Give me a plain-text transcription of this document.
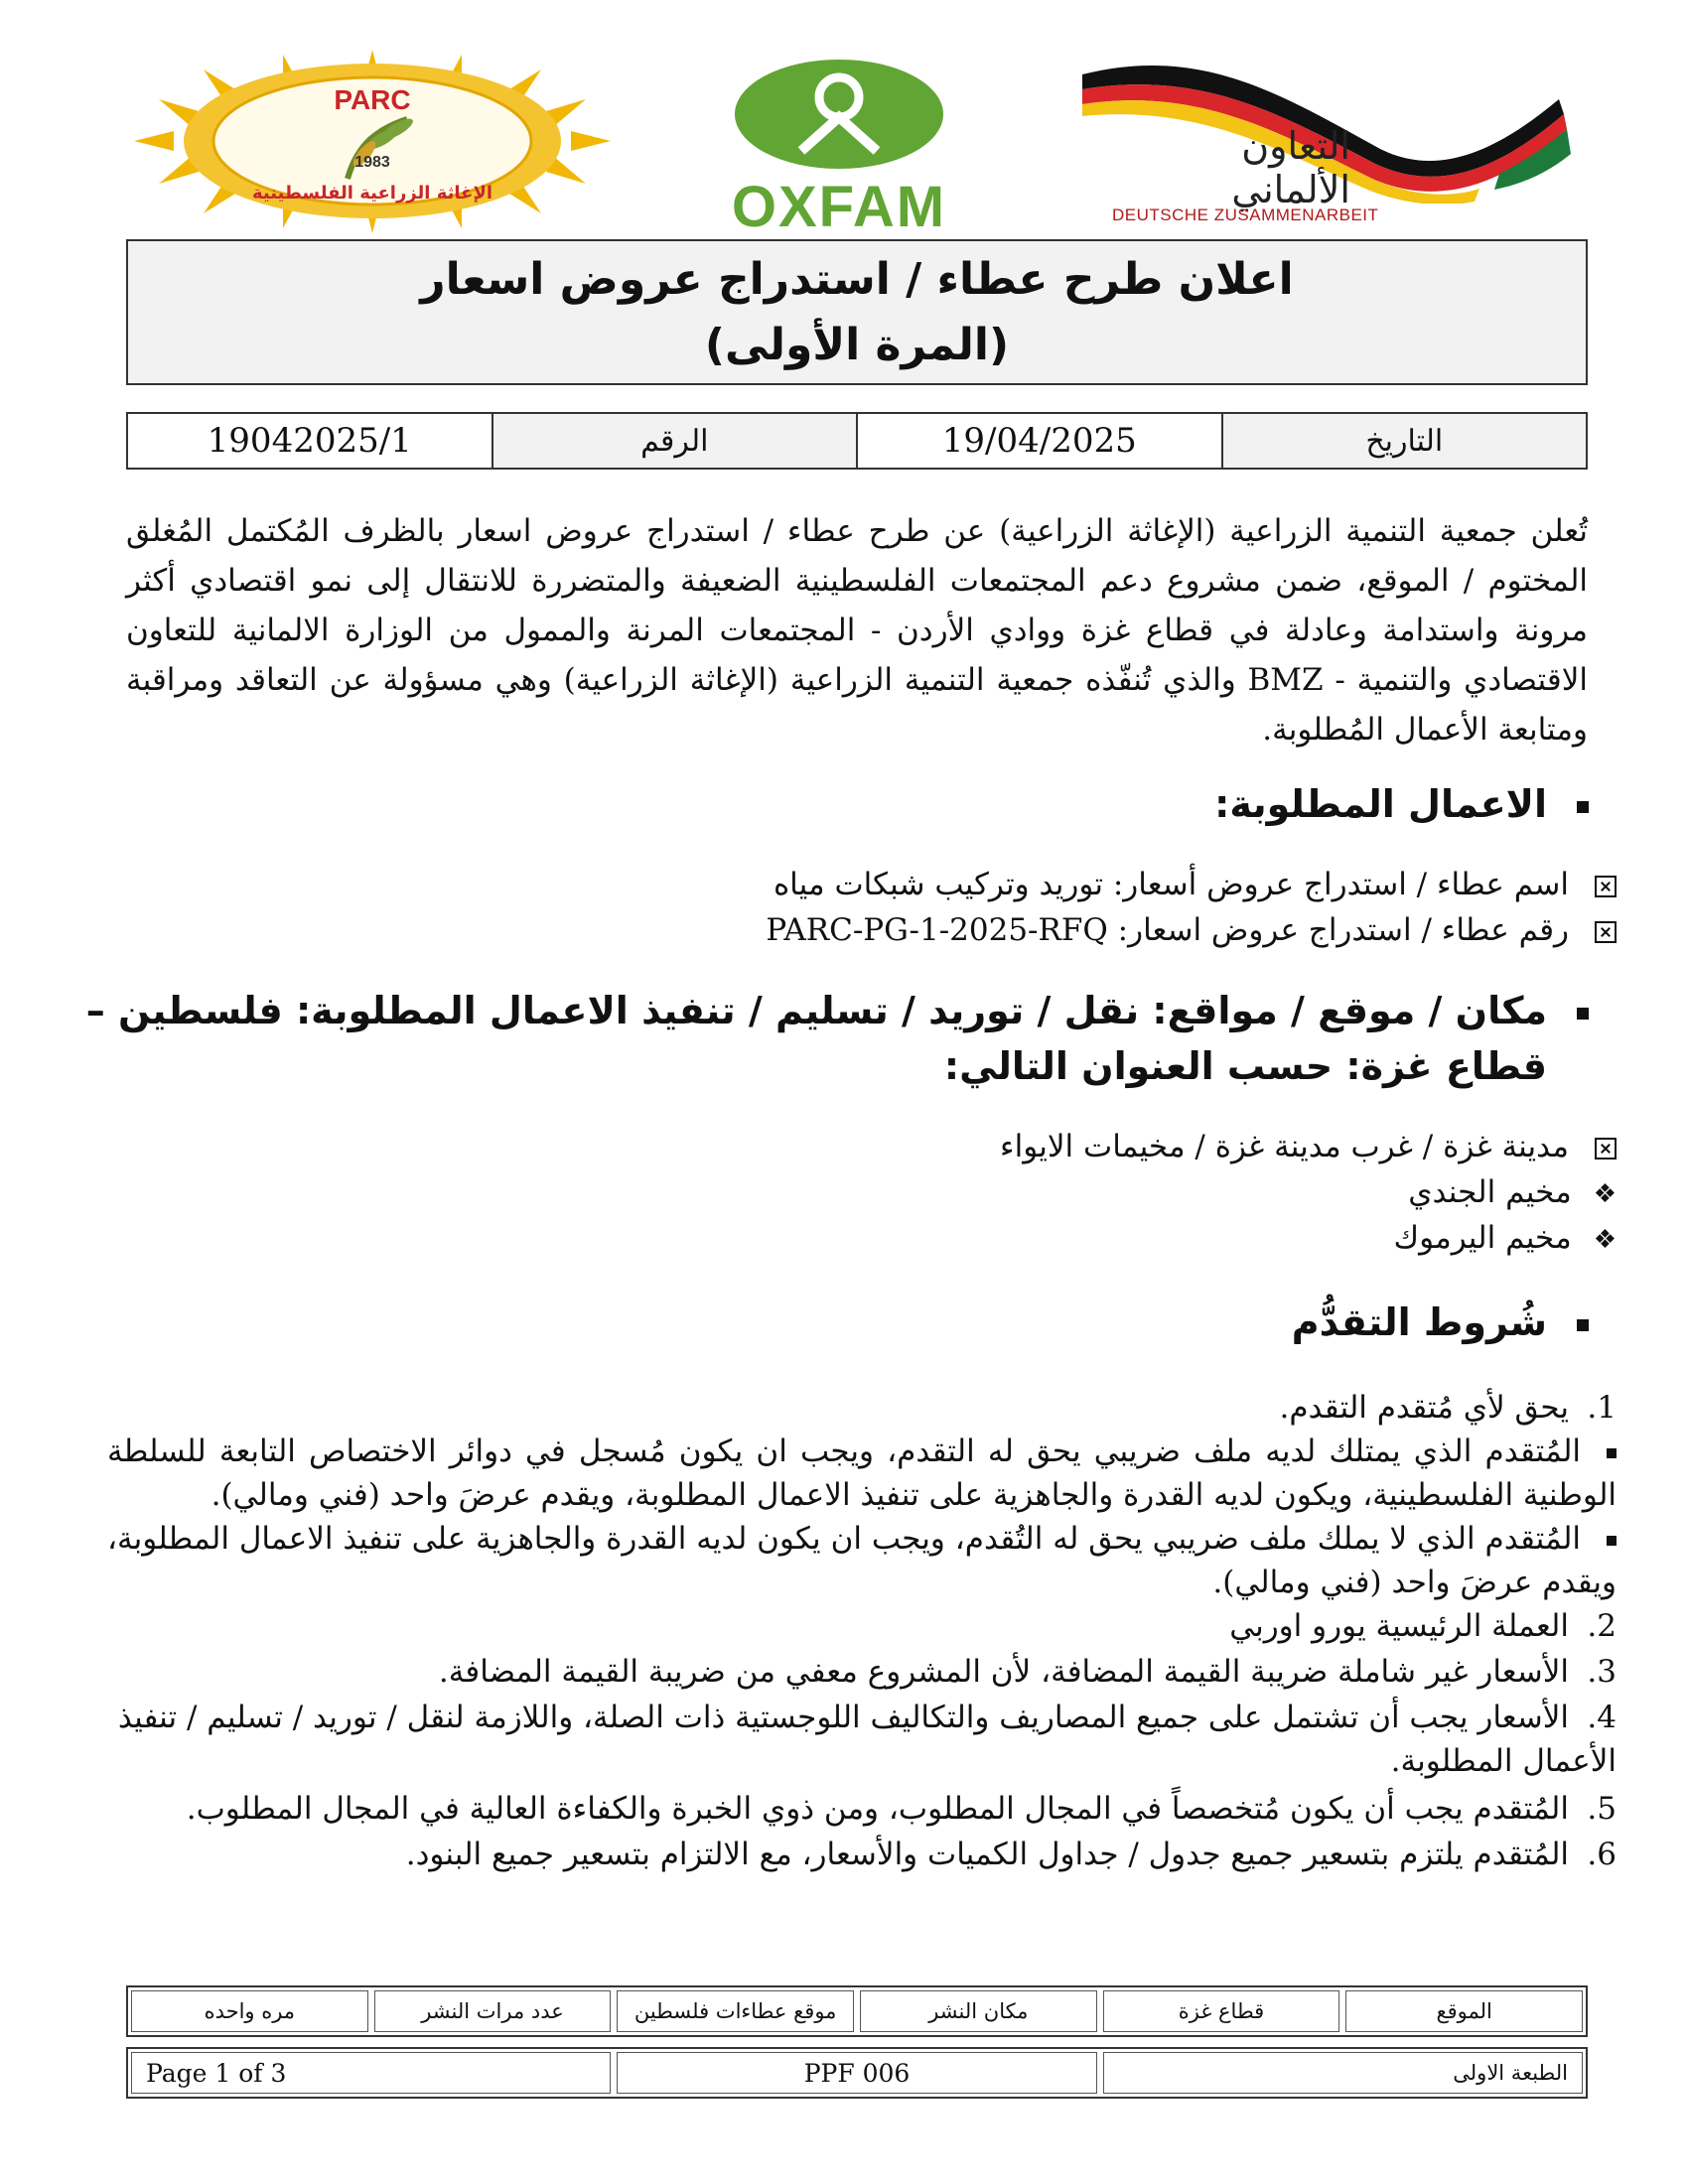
PARC
1983
الإغاثة الزراعية الفلسطينية	OXFAM
التعاون
الألماني
DEUTSCHE ZUSAMMENARBEIT
اعلان طرح عطاء / استدراج عروض اسعار
(المرة الأولى)
التاريخ
19/04/2025
الرقم
19042025/1
تُعلن جمعية التنمية الزراعية (الإغاثة الزراعية) عن طرح عطاء / استدراج عروض اسعار بالظرف المُكتمل المُغلق المختوم / الموقع، ضمن مشروع دعم المجتمعات الفلسطينية الضعيفة والمتضررة للانتقال إلى نمو اقتصادي أكثر مرونة واستدامة وعادلة في قطاع غزة ووادي الأردن - المجتمعات المرنة والممول من الوزارة الالمانية للتعاون الاقتصادي والتنمية - BMZ والذي تُنفّذه جمعية التنمية الزراعية (الإغاثة الزراعية) وهي مسؤولة عن التعاقد ومراقبة ومتابعة الأعمال المُطلوبة.
الاعمال المطلوبة:
اسم عطاء / استدراج عروض أسعار: توريد وتركيب شبكات مياه
رقم عطاء / استدراج عروض اسعار: PARC-PG-1-2025-RFQ
مكان / موقع / مواقع: نقل / توريد / تسليم / تنفيذ الاعمال المطلوبة: فلسطين –
قطاع غزة: حسب العنوان التالي:
مدينة غزة / غرب مدينة غزة / مخيمات الايواء
❖مخيم الجندي
❖مخيم اليرموك
شُروط التقدُّم
1.يحق لأي مُتقدم التقدم.
المُتقدم الذي يمتلك لديه ملف ضريبي يحق له التقدم، ويجب ان يكون مُسجل في دوائر الاختصاص التابعة للسلطة الوطنية الفلسطينية، ويكون لديه القدرة والجاهزية على تنفيذ الاعمال المطلوبة، ويقدم عرضَ واحد (فني ومالي).
المُتقدم الذي لا يملك ملف ضريبي يحق له التُقدم، ويجب ان يكون لديه القدرة والجاهزية على تنفيذ الاعمال المطلوبة، ويقدم عرضَ واحد (فني ومالي).
2.العملة الرئيسية يورو اوربي
3.الأسعار غير شاملة ضريبة القيمة المضافة، لأن المشروع معفي من ضريبة القيمة المضافة.
4.الأسعار يجب أن تشتمل على جميع المصاريف والتكاليف اللوجستية ذات الصلة، واللازمة لنقل / توريد / تسليم / تنفيذ الأعمال المطلوبة.
5.المُتقدم يجب أن يكون مُتخصصاً في المجال المطلوب، ومن ذوي الخبرة والكفاءة العالية في المجال المطلوب.
6.المُتقدم يلتزم بتسعير جميع جدول / جداول الكميات والأسعار، مع الالتزام بتسعير جميع البنود.
الموقع
قطاع غزة
مكان النشر
موقع عطاءات فلسطين
عدد مرات النشر
مره واحده
الطبعة الاولى
PPF 006
Page 1 of 3
